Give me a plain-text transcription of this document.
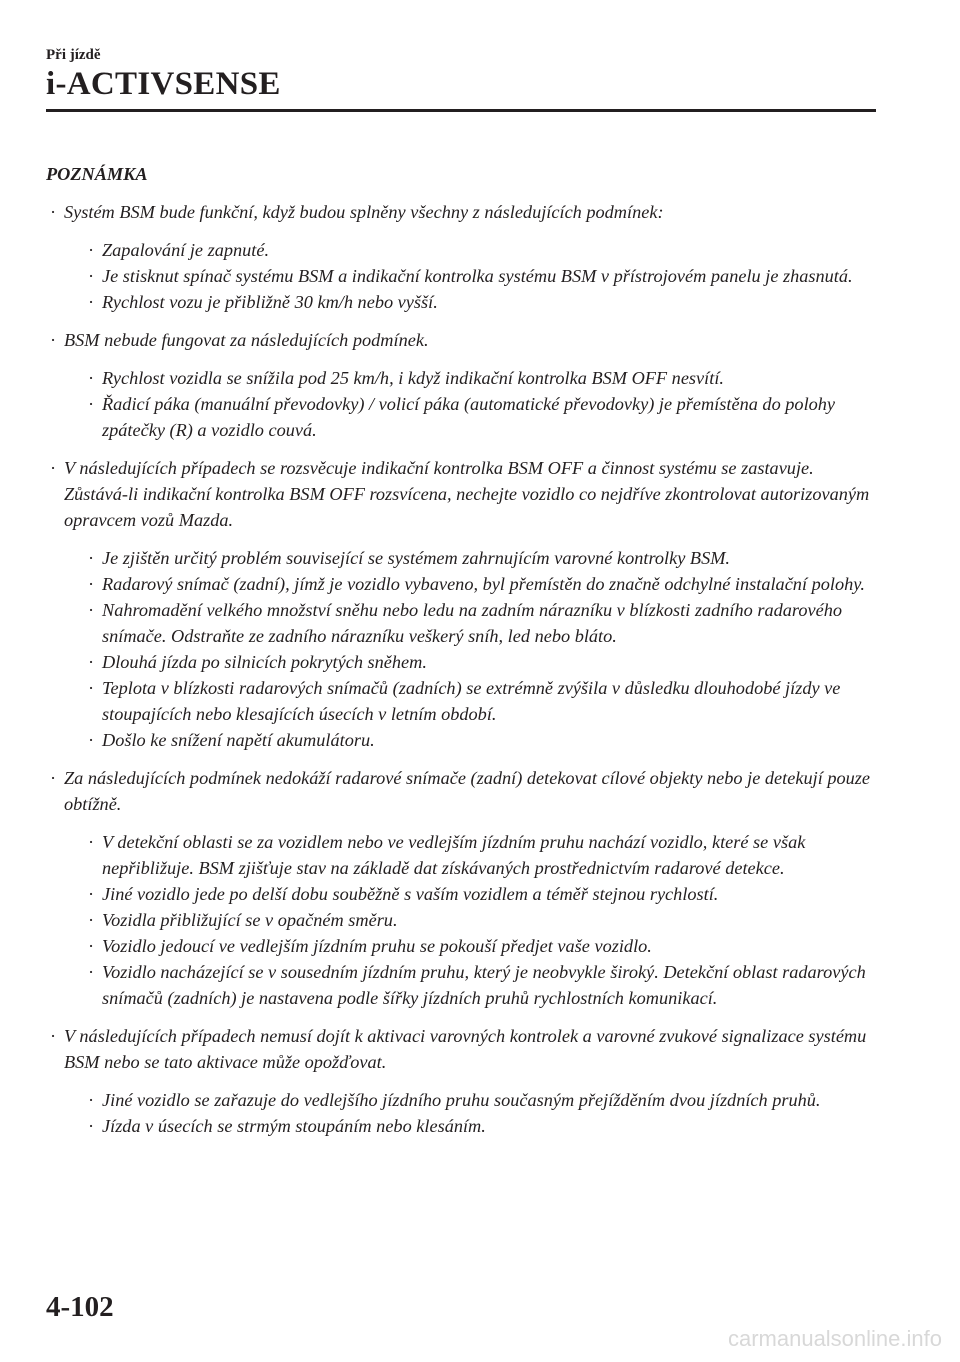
Při jízdě
i-ACTIVSENSE
POZNÁMKA
· Systém BSM bude funkční, když budou splněny všechny z následujících podmínek:
· Zapalování je zapnuté.
· Je stisknut spínač systému BSM a indikační kontrolka systému BSM v přístrojovém panelu je zhasnutá.
· Rychlost vozu je přibližně 30 km/h nebo vyšší.
· BSM nebude fungovat za následujících podmínek.
· Rychlost vozidla se snížila pod 25 km/h, i když indikační kontrolka BSM OFF nesvítí.
· Řadicí páka (manuální převodovky) / volicí páka (automatické převodovky) je přemístěna do polohy zpátečky (R) a vozidlo couvá.
· V následujících případech se rozsvěcuje indikační kontrolka BSM OFF a činnost systému se zastavuje. Zůstává-li indikační kontrolka BSM OFF rozsvícena, nechejte vozidlo co nejdříve zkontrolovat autorizovaným opravcem vozů Mazda.
· Je zjištěn určitý problém související se systémem zahrnujícím varovné kontrolky BSM.
· Radarový snímač (zadní), jímž je vozidlo vybaveno, byl přemístěn do značně odchylné instalační polohy.
· Nahromadění velkého množství sněhu nebo ledu na zadním nárazníku v blízkosti zadního radarového snímače. Odstraňte ze zadního nárazníku veškerý sníh, led nebo bláto.
· Dlouhá jízda po silnicích pokrytých sněhem.
· Teplota v blízkosti radarových snímačů (zadních) se extrémně zvýšila v důsledku dlouhodobé jízdy ve stoupajících nebo klesajících úsecích v letním období.
· Došlo ke snížení napětí akumulátoru.
· Za následujících podmínek nedokáží radarové snímače (zadní) detekovat cílové objekty nebo je detekují pouze obtížně.
· V detekční oblasti se za vozidlem nebo ve vedlejším jízdním pruhu nachází vozidlo, které se však nepřibližuje. BSM zjišťuje stav na základě dat získávaných prostřednictvím radarové detekce.
· Jiné vozidlo jede po delší dobu souběžně s vaším vozidlem a téměř stejnou rychlostí.
· Vozidla přibližující se v opačném směru.
· Vozidlo jedoucí ve vedlejším jízdním pruhu se pokouší předjet vaše vozidlo.
· Vozidlo nacházející se v sousedním jízdním pruhu, který je neobvykle široký. Detekční oblast radarových snímačů (zadních) je nastavena podle šířky jízdních pruhů rychlostních komunikací.
· V následujících případech nemusí dojít k aktivaci varovných kontrolek a varovné zvukové signalizace systému BSM nebo se tato aktivace může opožďovat.
· Jiné vozidlo se zařazuje do vedlejšího jízdního pruhu současným přejížděním dvou jízdních pruhů.
· Jízda v úsecích se strmým stoupáním nebo klesáním.
4-102
carmanualsonline.info
